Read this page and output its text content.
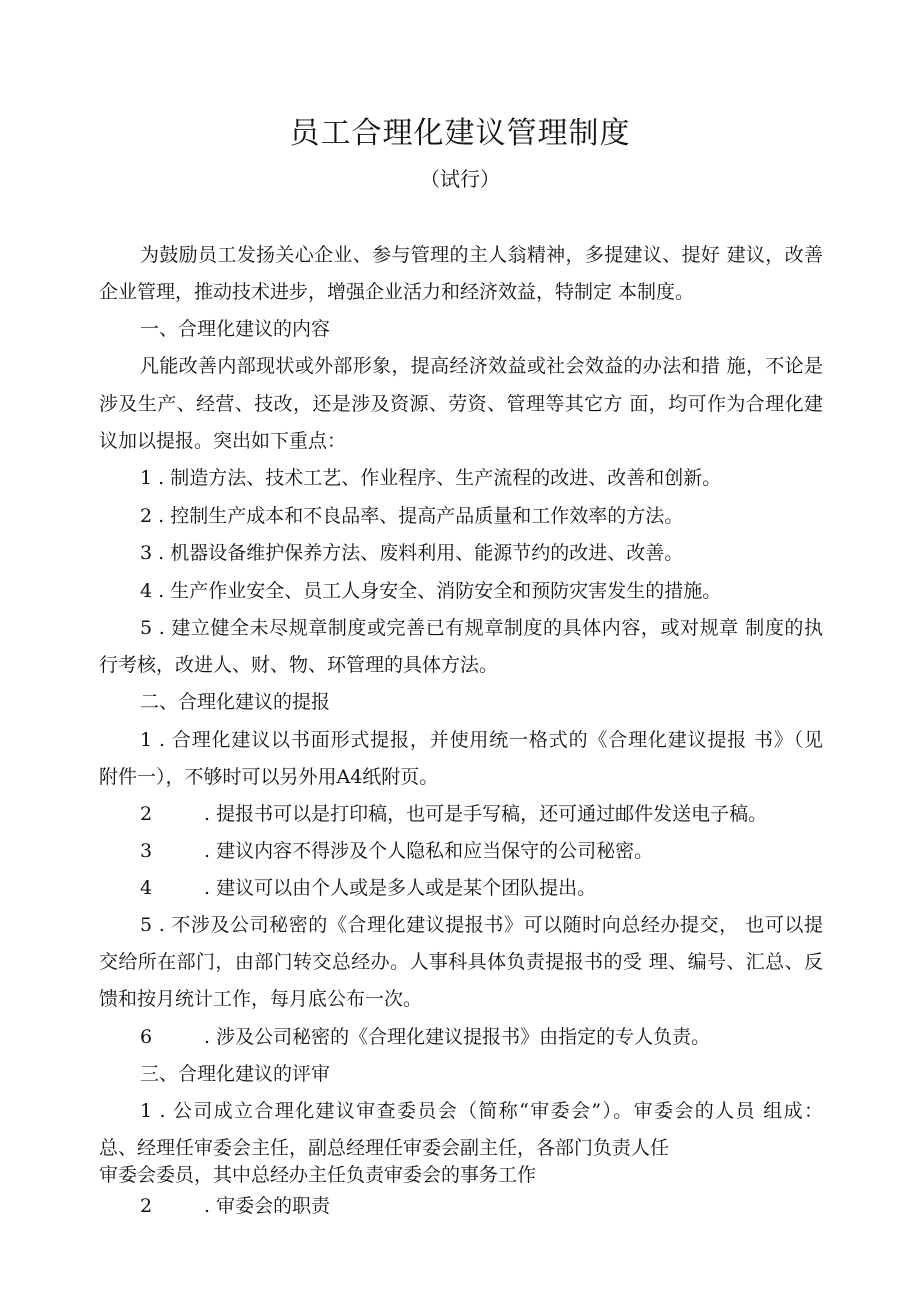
员工合理化建议管理制度
（试行）
为鼓励员工发扬关心企业、参与管理的主人翁精神，多提建议、提好 建议，改善
企业管理，推动技术进步，增强企业活力和经济效益，特制定 本制度。
一、合理化建议的内容
凡能改善内部现状或外部形象，提高经济效益或社会效益的办法和措 施，不论是
涉及生产、经营、技改，还是涉及资源、劳资、管理等其它方 面，均可作为合理化建
议加以提报。突出如下重点：
1 . 制造方法、技术工艺、作业程序、生产流程的改进、改善和创新。
2 . 控制生产成本和不良品率、提高产品质量和工作效率的方法。
3 . 机器设备维护保养方法、废料利用、能源节约的改进、改善。
4 . 生产作业安全、员工人身安全、消防安全和预防灾害发生的措施。
5 . 建立健全未尽规章制度或完善已有规章制度的具体内容，或对规章 制度的执
行考核，改进人、财、物、环管理的具体方法。
二、合理化建议的提报
1 . 合理化建议以书面形式提报，并使用统一格式的《合理化建议提报 书》（见
附件一），不够时可以另外用A4纸附页。
2	. 提报书可以是打印稿，也可是手写稿，还可通过邮件发送电子稿。
3	. 建议内容不得涉及个人隐私和应当保守的公司秘密。
4	. 建议可以由个人或是多人或是某个团队提出。
5 . 不涉及公司秘密的《合理化建议提报书》可以随时向总经办提交， 也可以提
交给所在部门，由部门转交总经办。人事科具体负责提报书的受 理、编号、汇总、反
馈和按月统计工作，每月底公布一次。
6	. 涉及公司秘密的《合理化建议提报书》由指定的专人负责。
三、合理化建议的评审
1 . 公司成立合理化建议审查委员会（简称“审委会”）。审委会的人员 组成：
总、经理任审委会主任，副总经理任审委会副主任，各部门负责人任
审委会委员，其中总经办主任负责审委会的事务工作
2	. 审委会的职责
